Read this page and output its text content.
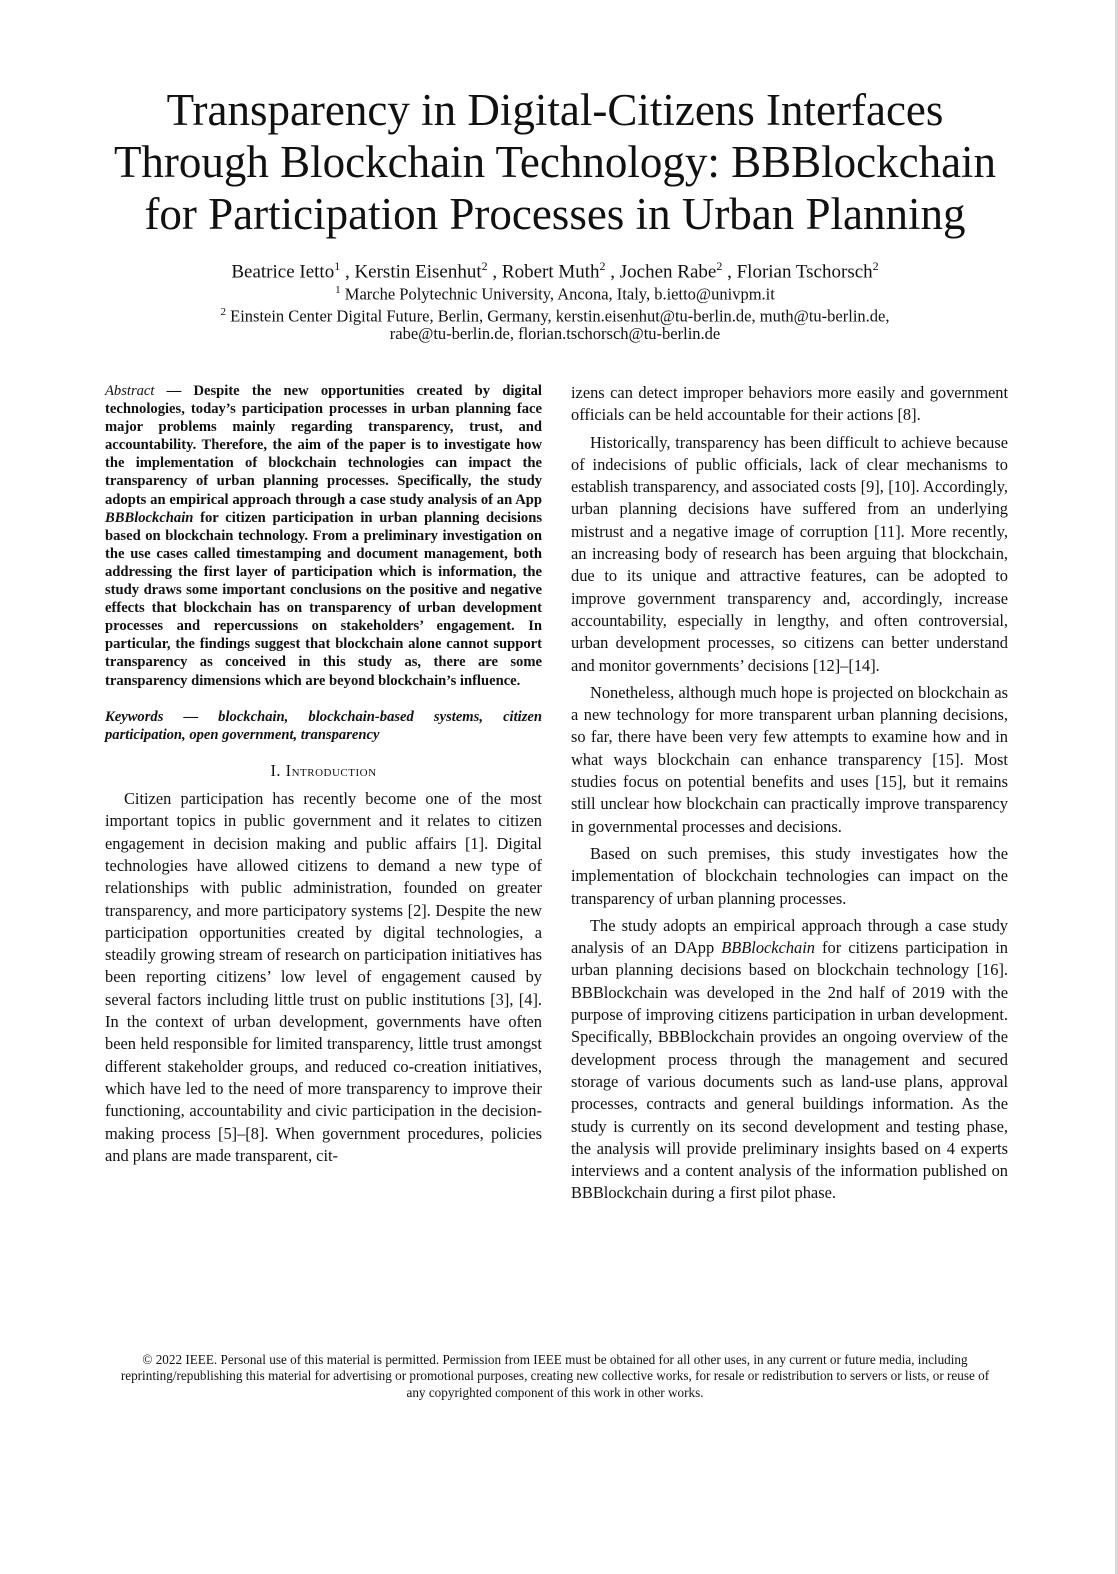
Transparency in Digital-Citizens Interfaces Through Blockchain Technology: BBBlockchain for Participation Processes in Urban Planning
Beatrice Ietto$^1$ , Kerstin Eisenhut$^2$ , Robert Muth$^2$ , Jochen Rabe$^2$ , Florian Tschorsch$^2$
$^1$ Marche Polytechnic University, Ancona, Italy, b.ietto@univpm.it
$^2$ Einstein Center Digital Future, Berlin, Germany, kerstin.eisenhut@tu-berlin.de, muth@tu-berlin.de,
rabe@tu-berlin.de, florian.tschorsch@tu-berlin.de

Abstract — Despite the new opportunities created by digital technologies, today’s participation processes in urban planning face major problems mainly regarding transparency, trust, and accountability. Therefore, the aim of the paper is to investigate how the implementation of blockchain technologies can impact the transparency of urban planning processes. Specifically, the study adopts an empirical approach through a case study analysis of an App BBBlockchain for citizen participation in urban planning decisions based on blockchain technology. From a preliminary investigation on the use cases called timestamping and document management, both addressing the first layer of participation which is information, the study draws some important conclusions on the positive and negative effects that blockchain has on transparency of urban development processes and repercussions on stakeholders’ engagement. In particular, the findings suggest that blockchain alone cannot support transparency as conceived in this study as, there are some transparency dimensions which are beyond blockchain’s influence.

Keywords — blockchain, blockchain-based systems, citizen participation, open government, transparency

I. Introduction

Citizen participation has recently become one of the most important topics in public government and it relates to citizen engagement in decision making and public affairs [1]. Digital technologies have allowed citizens to demand a new type of relationships with public administration, founded on greater transparency, and more participatory systems [2]. Despite the new participation opportunities created by digital technologies, a steadily growing stream of research on participation initiatives has been reporting citizens’ low level of engagement caused by several factors including little trust on public institutions [3], [4]. In the context of urban development, governments have often been held responsible for limited transparency, little trust amongst different stakeholder groups, and reduced co-creation initiatives, which have led to the need of more transparency to improve their functioning, accountability and civic participation in the decision-making process [5]–[8]. When government procedures, policies and plans are made transparent, cit-

izens can detect improper behaviors more easily and government officials can be held accountable for their actions [8].

Historically, transparency has been difficult to achieve because of indecisions of public officials, lack of clear mechanisms to establish transparency, and associated costs [9], [10]. Accordingly, urban planning decisions have suffered from an underlying mistrust and a negative image of corruption [11]. More recently, an increasing body of research has been arguing that blockchain, due to its unique and attractive features, can be adopted to improve government transparency and, accordingly, increase accountability, especially in lengthy, and often controversial, urban development processes, so citizens can better understand and monitor governments’ decisions [12]–[14].

Nonetheless, although much hope is projected on blockchain as a new technology for more transparent urban planning decisions, so far, there have been very few attempts to examine how and in what ways blockchain can enhance transparency [15]. Most studies focus on potential benefits and uses [15], but it remains still unclear how blockchain can practically improve transparency in governmental processes and decisions.

Based on such premises, this study investigates how the implementation of blockchain technologies can impact on the transparency of urban planning processes.

The study adopts an empirical approach through a case study analysis of an DApp BBBlockchain for citizens participation in urban planning decisions based on blockchain technology [16]. BBBlockchain was developed in the 2nd half of 2019 with the purpose of improving citizens participation in urban development. Specifically, BBBlockchain provides an ongoing overview of the development process through the management and secured storage of various documents such as land-use plans, approval processes, contracts and general buildings information. As the study is currently on its second development and testing phase, the analysis will provide preliminary insights based on 4 experts interviews and a content analysis of the information published on BBBlockchain during a first pilot phase.

© 2022 IEEE. Personal use of this material is permitted. Permission from IEEE must be obtained for all other uses, in any current or future media, including reprinting/republishing this material for advertising or promotional purposes, creating new collective works, for resale or redistribution to servers or lists, or reuse of any copyrighted component of this work in other works.
